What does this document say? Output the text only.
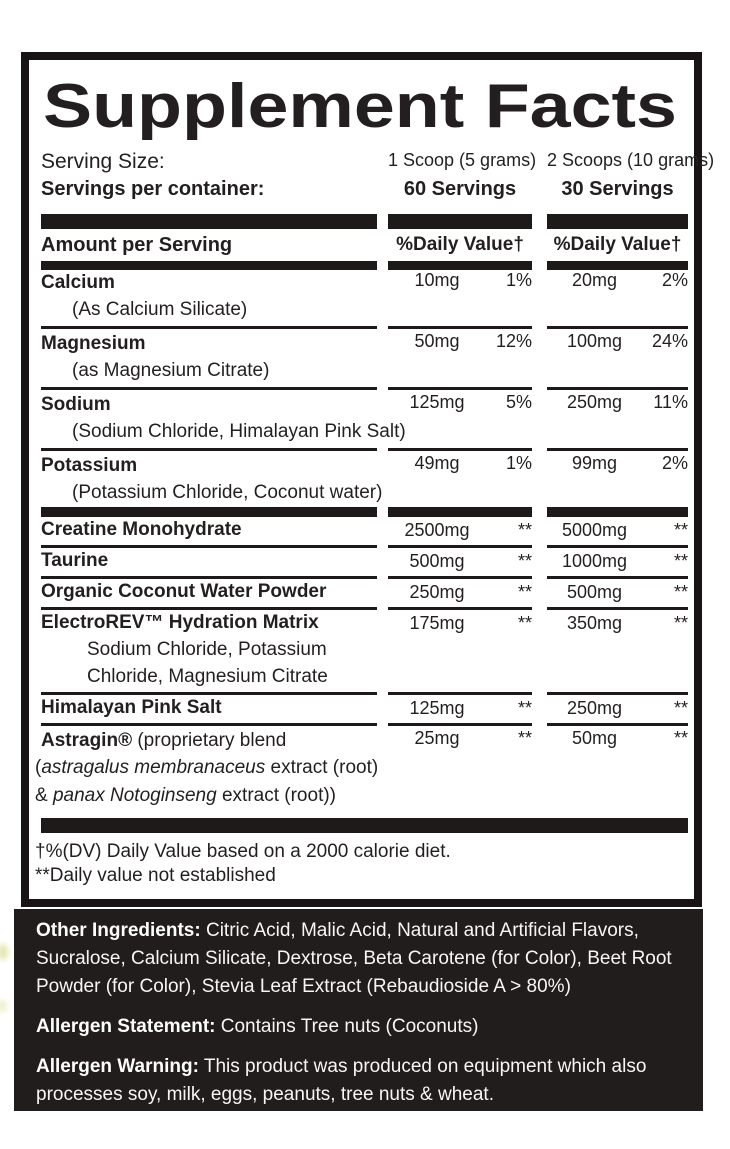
Supplement Facts
Serving Size:	1 Scoop (5 grams) 2 Scoops (10 grams)
Servings per container:	60 Servings	30 Servings
Amount per Serving	%Daily Value†	%Daily Value†
Calcium	10mg	1%	20mg	2%
(As Calcium Silicate)
Magnesium	50mg	12%	100mg	24%
(as Magnesium Citrate)
Sodium	125mg	5%	250mg	11%
(Sodium Chloride, Himalayan Pink Salt)
Potassium	49mg	1%	99mg	2%
(Potassium Chloride, Coconut water)
Creatine Monohydrate	2500mg	**	5000mg	**
Taurine	500mg	**	1000mg	**
Organic Coconut Water Powder	250mg	**	500mg	**
ElectroREV™ Hydration Matrix	175mg	**	350mg	**
Sodium Chloride, Potassium
Chloride, Magnesium Citrate
Himalayan Pink Salt	125mg	**	250mg	**
Astragin® (proprietary blend	25mg	**	50mg	**
(astragalus membranaceus extract (root)
& panax Notoginseng extract (root))
†%(DV) Daily Value based on a 2000 calorie diet.
**Daily value not established

Other Ingredients: Citric Acid, Malic Acid, Natural and Artificial Flavors, Sucralose, Calcium Silicate, Dextrose, Beta Carotene (for Color), Beet Root Powder (for Color), Stevia Leaf Extract (Rebaudioside A > 80%)

Allergen Statement: Contains Tree nuts (Coconuts)

Allergen Warning: This product was produced on equipment which also processes soy, milk, eggs, peanuts, tree nuts & wheat.
